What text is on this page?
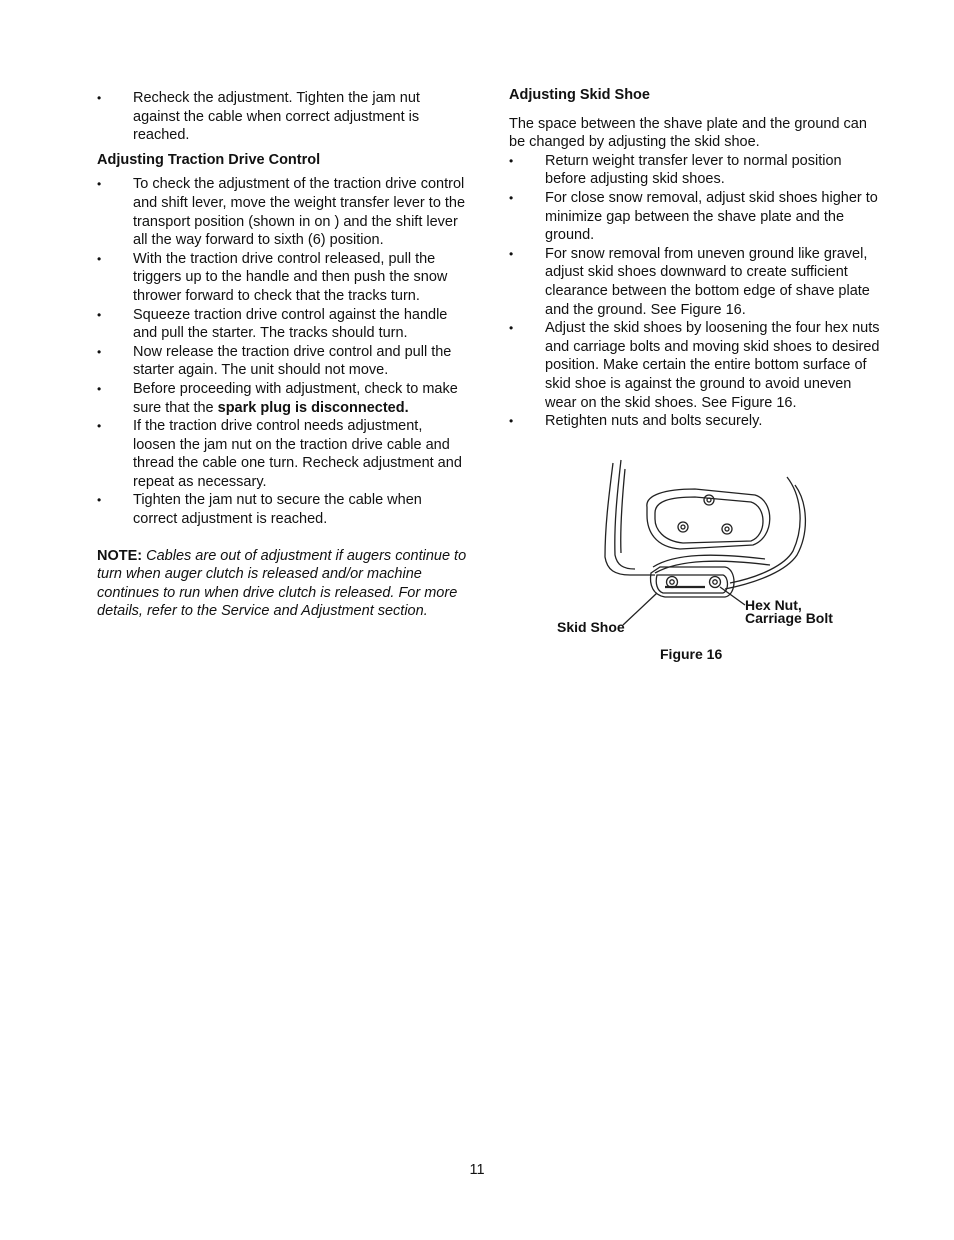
• Recheck the adjustment. Tighten the jam nut against the cable when correct adjustment is reached.
Adjusting Traction Drive Control
• To check the adjustment of the traction drive control and shift lever, move the weight transfer lever to the transport position (shown in on ) and the shift lever all the way forward to sixth (6) position.
• With the traction drive control released, pull the triggers up to the handle and then push the snow thrower forward to check that the tracks turn.
• Squeeze traction drive control against the handle and pull the starter. The tracks should turn.
• Now release the traction drive control and pull the starter again. The unit should not move.
• Before proceeding with adjustment, check to make sure that the spark plug is disconnected.
• If the traction drive control needs adjustment, loosen the jam nut on the traction drive cable and thread the cable one turn. Recheck adjustment and repeat as necessary.
• Tighten the jam nut to secure the cable when correct adjustment is reached.
NOTE: Cables are out of adjustment if augers continue to turn when auger clutch is released and/or machine continues to run when drive clutch is released. For more details, refer to the Service and Adjustment section.
Adjusting Skid Shoe

The space between the shave plate and the ground can be changed by adjusting the skid shoe.

• Return weight transfer lever to normal position before adjusting skid shoes.
• For close snow removal, adjust skid shoes higher to minimize gap between the shave plate and the ground.
• For snow removal from uneven ground like gravel, adjust skid shoes downward to create sufficient clearance between the bottom edge of shave plate and the ground. See Figure 16.
• Adjust the skid shoes by loosening the four hex nuts and carriage bolts and moving skid shoes to desired position. Make certain the entire bottom surface of skid shoe is against the ground to avoid uneven wear on the skid shoes. See Figure 16.
• Retighten nuts and bolts securely.
Skid Shoe
Hex Nut,
Carriage Bolt
Figure 16
11
